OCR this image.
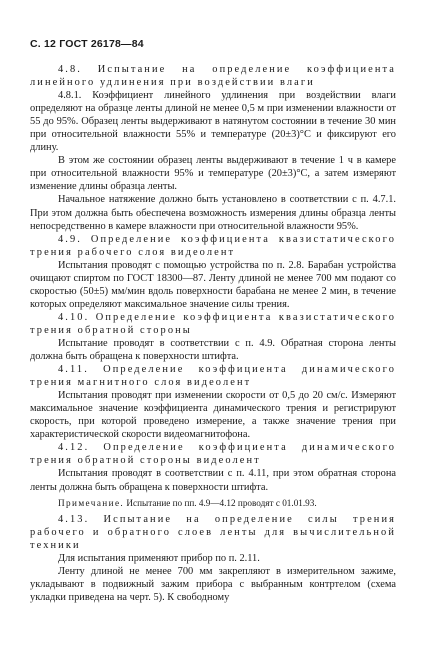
С. 12 ГОСТ 26178—84

4.8. Испытание на определение коэффициента линейного удлинения при воздействии влаги

4.8.1. Коэффициент линейного удлинения при воздействии влаги определяют на образце ленты длиной не менее 0,5 м при изменении влажности от 55 до 95%. Образец ленты выдерживают в натянутом состоянии в течение 30 мин при относительной влажности 55% и температуре (20±3)°С и фиксируют его длину.

В этом же состоянии образец ленты выдерживают в течение 1 ч в камере при относительной влажности 95% и температуре (20±3)°С, а затем измеряют изменение длины образца ленты.

Начальное натяжение должно быть установлено в соответствии с п. 4.7.1. При этом должна быть обеспечена возможность измерения длины образца ленты непосредственно в камере влажности при относительной влажности 95%.

4.9. Определение коэффициента квазистатического трения рабочего слоя видеолент

Испытания проводят с помощью устройства по п. 2.8. Барабан устройства очищают спиртом по ГОСТ 18300—87. Ленту длиной не менее 700 мм подают со скоростью (50±5) мм/мин вдоль поверхности барабана не менее 2 мин, в течение которых определяют максимальное значение силы трения.

4.10. Определение коэффициента квазистатического трения обратной стороны

Испытание проводят в соответствии с п. 4.9. Обратная сторона ленты должна быть обращена к поверхности штифта.

4.11. Определение коэффициента динамического трения магнитного слоя видеолент

Испытания проводят при изменении скорости от 0,5 до 20 см/с. Измеряют максимальное значение коэффициента динамического трения и регистрируют скорость, при которой проведено измерение, а также значение трения при характеристической скорости видеомагнитофона.

4.12. Определение коэффициента динамического трения обратной стороны видеолент

Испытания проводят в соответствии с п. 4.11, при этом обратная сторона ленты должна быть обращена к поверхности штифта.

Примечание. Испытание по пп. 4.9—4.12 проводят с 01.01.93.

4.13. Испытание на определение силы трения рабочего и обратного слоев ленты для вычислительной техники

Для испытания применяют прибор по п. 2.11.

Ленту длиной не менее 700 мм закрепляют в измерительном зажиме, укладывают в подвижный зажим прибора с выбранным контртелом (схема укладки приведена на черт. 5). К свободному
